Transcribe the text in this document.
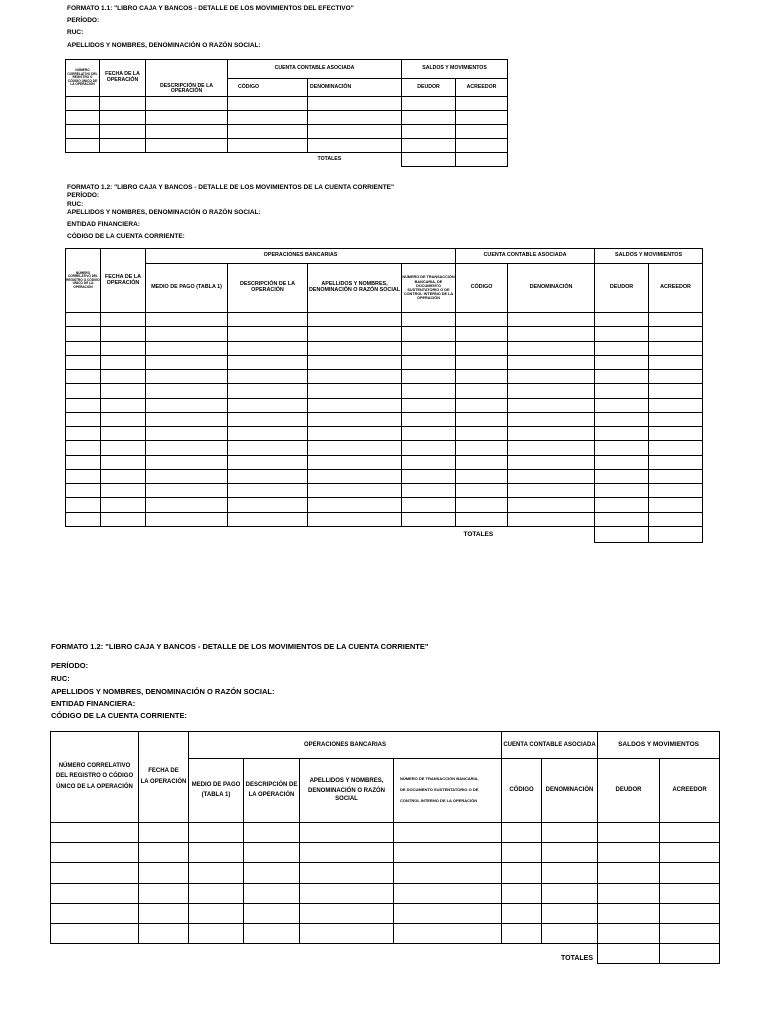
FORMATO 1.1: "LIBRO CAJA Y BANCOS - DETALLE DE LOS MOVIMIENTOS DEL EFECTIVO"
PERÍODO:
RUC:
APELLIDOS Y NOMBRES, DENOMINACIÓN O RAZÓN SOCIAL:
NÚMERO CORRELATIVO DEL REGISTRO O CÓDIGO ÚNICO DE LA OPERACIÓN	FECHA DE LA OPERACIÓN	DESCRIPCIÓN DE LA OPERACIÓN	CUENTA CONTABLE ASOCIADA		SALDOS Y MOVIMIENTOS	
			CÓDIGO	DENOMINACIÓN	DEUDOR	ACREEDOR

				TOTALES		
FORMATO 1.2: "LIBRO CAJA Y BANCOS - DETALLE DE LOS MOVIMIENTOS DE LA CUENTA CORRIENTE"
PERÍODO:
RUC:
APELLIDOS Y NOMBRES, DENOMINACIÓN O RAZÓN SOCIAL:
ENTIDAD FINANCIERA:
CÓDIGO DE LA CUENTA CORRIENTE:
NÚMERO CORRELATIVO DEL REGISTRO O CÓDIGO ÚNICO DE LA OPERACIÓN	FECHA DE LA OPERACIÓN	OPERACIONES BANCARIAS				CUENTA CONTABLE ASOCIADA		SALDOS Y MOVIMIENTOS	
		MEDIO DE PAGO (TABLA 1)	DESCRIPCIÓN DE LA OPERACIÓN	APELLIDOS Y NOMBRES, DENOMINACIÓN O RAZÓN SOCIAL	NÚMERO DE TRANSACCIÓN BANCARIA, DE DOCUMENTO SUSTENTATORIO O DE CONTROL INTERNO DE LA OPERACIÓN	CÓDIGO	DENOMINACIÓN	DEUDOR	ACREEDOR

						TOTALES			
FORMATO 1.2: "LIBRO CAJA Y BANCOS - DETALLE DE LOS MOVIMIENTOS DE LA CUENTA CORRIENTE"
PERÍODO:
RUC:
APELLIDOS Y NOMBRES, DENOMINACIÓN O RAZÓN SOCIAL:
ENTIDAD FINANCIERA:
CÓDIGO DE LA CUENTA CORRIENTE:
NÚMERO CORRELATIVO
DEL REGISTRO O CÓDIGO
ÚNICO DE LA OPERACIÓN	FECHA DE
LA OPERACIÓN	OPERACIONES BANCARIAS				CUENTA CONTABLE ASOCIADA		SALDOS Y MOVIMIENTOS	

		MEDIO DE PAGO
(TABLA 1)	DESCRIPCIÓN DE
LA OPERACIÓN	APELLIDOS Y NOMBRES,
DENOMINACIÓN O RAZÓN SOCIAL	NÚMERO DE TRANSACCIÓN BANCARIA,
DE DOCUMENTO SUSTENTATORIO O DE
CONTROL INTERNO DE LA OPERACIÓN	CÓDIGO	DENOMINACIÓN	DEUDOR	ACREEDOR

							TOTALES		
